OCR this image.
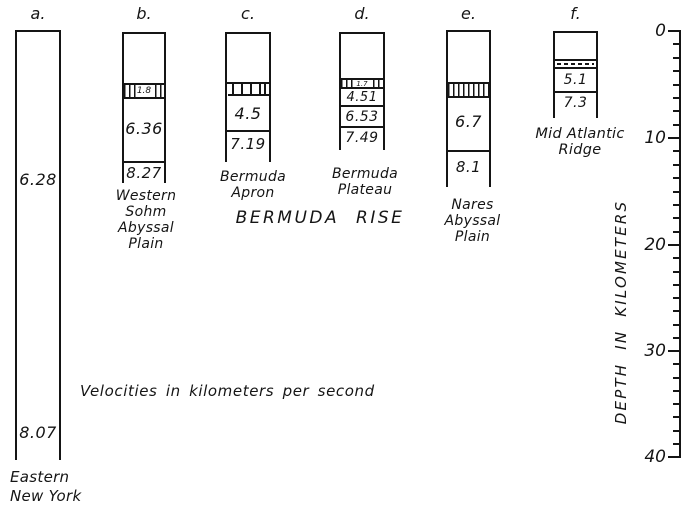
a.
6.28
8.07
Eastern
New York
b.
1.8
6.36
8.27
Western
Sohm
Abyssal
Plain
c.
4.5
7.19
Bermuda
Apron
d.
1.7
4.51
6.53
7.49
Bermuda
Plateau
e.
6.7
8.1
Nares
Abyssal
Plain
f.
5.1
7.3
Mid Atlantic
Ridge
BERMUDA RISE
Velocities in kilometers per second
0
10
20
30
40
DEPTH IN KILOMETERS
